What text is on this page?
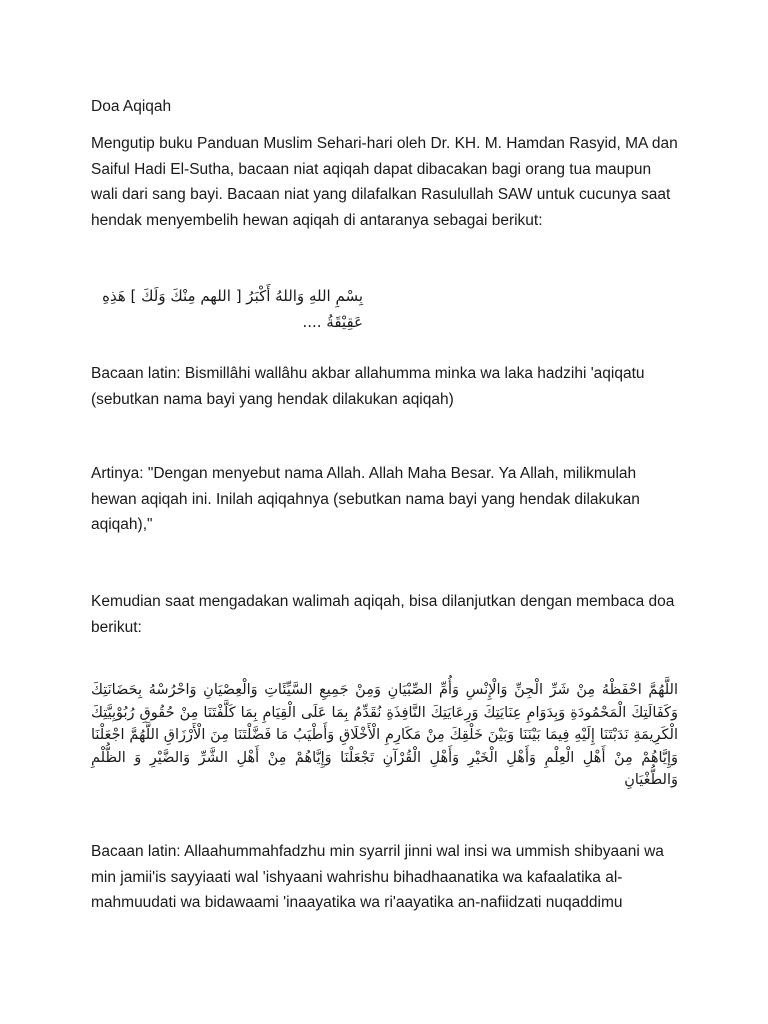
Doa Aqiqah

Mengutip buku Panduan Muslim Sehari-hari oleh Dr. KH. M. Hamdan Rasyid, MA dan Saiful Hadi El-Sutha, bacaan niat aqiqah dapat dibacakan bagi orang tua maupun wali dari sang bayi. Bacaan niat yang dilafalkan Rasulullah SAW untuk cucunya saat hendak menyembelih hewan aqiqah di antaranya sebagai berikut:

بِسْمِ اللهِ وَاللهُ أَكْبَرُ [ اللهم مِنْكَ وَلَكَ ] هَذِهِ عَقِيْقَةُ ....

Bacaan latin: Bismillâhi wallâhu akbar allahumma minka wa laka hadzihi 'aqiqatu (sebutkan nama bayi yang hendak dilakukan aqiqah)

Artinya: "Dengan menyebut nama Allah. Allah Maha Besar. Ya Allah, milikmulah hewan aqiqah ini. Inilah aqiqahnya (sebutkan nama bayi yang hendak dilakukan aqiqah),"

Kemudian saat mengadakan walimah aqiqah, bisa dilanjutkan dengan membaca doa berikut:

اللَّهُمَّ احْفَظْهُ مِنْ شَرِّ الْجِنِّ وَالْإِنْسِ وَأُمِّ الصِّبْيَانِ وَمِنْ جَمِيعِ السَّيِّئَاتِ وَالْعِصْيَانِ وَاحْرُسْهُ بِحَضَانَتِكَ وَكَفَالَتِكَ الْمَحْمُودَةِ وَبِدَوَامِ عِنَايَتِكَ وَرِعَايَتِكَ النَّافِذَةِ نُقَدِّمُ بِمَا عَلَى الْقِيَامِ بِمَا كَلَّفْتَنَا مِنْ حُقُوقِ رُبُوْبِيَّتِكَ الْكَرِيمَةِ نَدَبْتَنَا إِلَيْهِ فِيمَا بَيْنَنَا وَبَيْنَ خَلْقِكَ مِنْ مَكَارِمِ الْأَخْلَاقِ وَأَطْيَبُ مَا فَضَّلْتَنَا مِنَ الْأَرْزَاقِ اللَّهُمَّ اجْعَلْنَا وَإِيَّاهُمْ مِنْ أَهْلِ الْعِلْمِ وَأَهْلِ الْخَيْرِ وَأَهْلِ الْقُرْآنِ تَجْعَلْنَا وَإِيَّاهُمْ مِنْ أَهْلِ الشَّرِّ وَالضَّيْرِ وَ الظُّلْمِ وَالطُّغْيَانِ

Bacaan latin: Allaahummahfadzhu min syarril jinni wal insi wa ummish shibyaani wa min jamii'is sayyiaati wal 'ishyaani wahrishu bihadhaanatika wa kafaalatika al-mahmuudati wa bidawaami 'inaayatika wa ri'aayatika an-nafiidzati nuqaddimu
